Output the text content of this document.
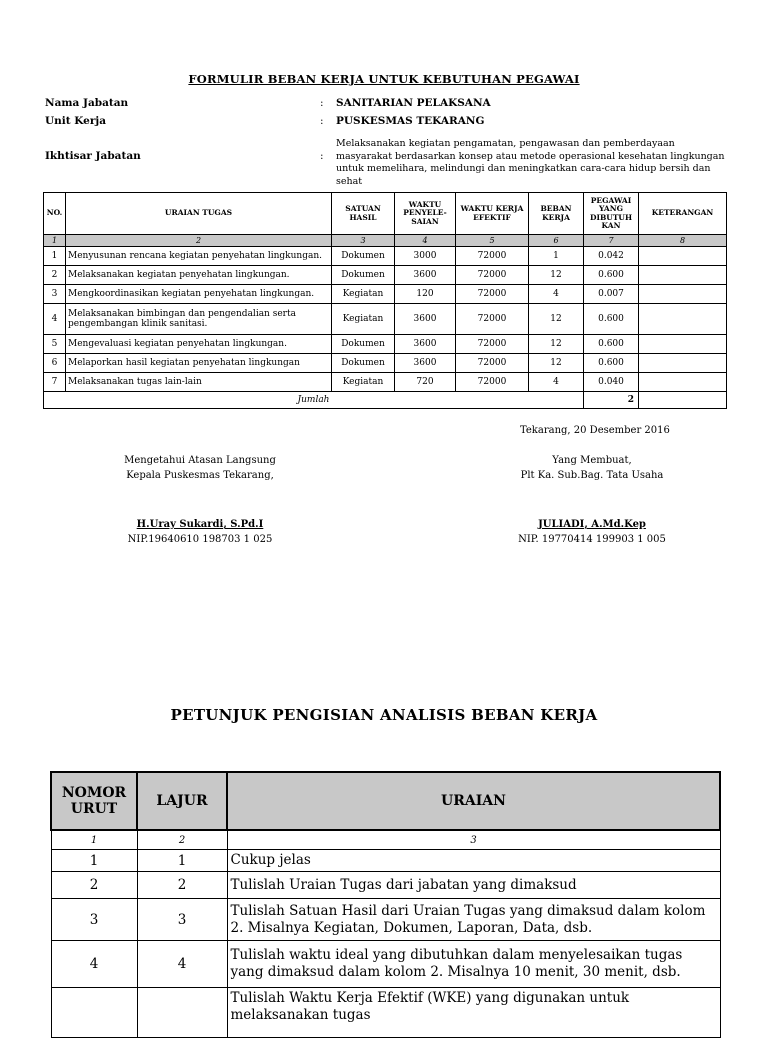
FORMULIR BEBAN KERJA UNTUK KEBUTUHAN PEGAWAI
Nama Jabatan	: SANITARIAN PELAKSANA
Unit Kerja	: PUSKESMAS TEKARANG
Ikhtisar Jabatan	:
Melaksanakan kegiatan pengamatan, pengawasan dan pemberdayaan masyarakat berdasarkan konsep atau metode operasional kesehatan lingkungan untuk memelihara, melindungi dan meningkatkan cara-cara hidup bersih dan sehat
NO.	URAIAN TUGAS	SATUAN HASIL	WAKTU PENYELE-SAIAN	WAKTU KERJA EFEKTIF	BEBAN KERJA	PEGAWAI YANG DIBUTUH KAN	KETERANGAN
1	2	3	4	5	6	7	8
1	Menyusunan rencana kegiatan penyehatan lingkungan.	Dokumen	3000	72000	1	0.042	
2	Melaksanakan kegiatan penyehatan lingkungan.	Dokumen	3600	72000	12	0.600	
3	Mengkoordinasikan kegiatan penyehatan lingkungan.	Kegiatan	120	72000	4	0.007	
4	Melaksanakan bimbingan dan pengendalian serta pengembangan klinik sanitasi.	Kegiatan	3600	72000	12	0.600	
5	Mengevaluasi kegiatan penyehatan lingkungan.	Dokumen	3600	72000	12	0.600	
6	Melaporkan hasil kegiatan penyehatan lingkungan	Dokumen	3600	72000	12	0.600	
7	Melaksanakan tugas lain-lain	Kegiatan	720	72000	4	0.040	
Jumlah						2	
Tekarang, 20 Desember 2016
Mengetahui Atasan Langsung
Kepala Puskesmas Tekarang,
H.Uray Sukardi, S.Pd.I
NIP.19640610 198703 1 025
Yang Membuat,
Plt Ka. Sub.Bag. Tata Usaha
JULIADI, A.Md.Kep
NIP. 19770414 199903 1 005
PETUNJUK PENGISIAN ANALISIS BEBAN KERJA
NOMOR URUT	LAJUR	URAIAN
1	2	3
1	1	Cukup jelas
2	2	Tulislah Uraian Tugas dari jabatan yang dimaksud
3	3	Tulislah Satuan Hasil dari Uraian Tugas yang dimaksud dalam kolom 2. Misalnya Kegiatan, Dokumen, Laporan, Data, dsb.
4	4	Tulislah waktu ideal yang dibutuhkan dalam menyelesaikan tugas yang dimaksud dalam kolom 2. Misalnya 10 menit, 30 menit, dsb.
		Tulislah Waktu Kerja Efektif (WKE) yang digunakan untuk melaksanakan tugas
